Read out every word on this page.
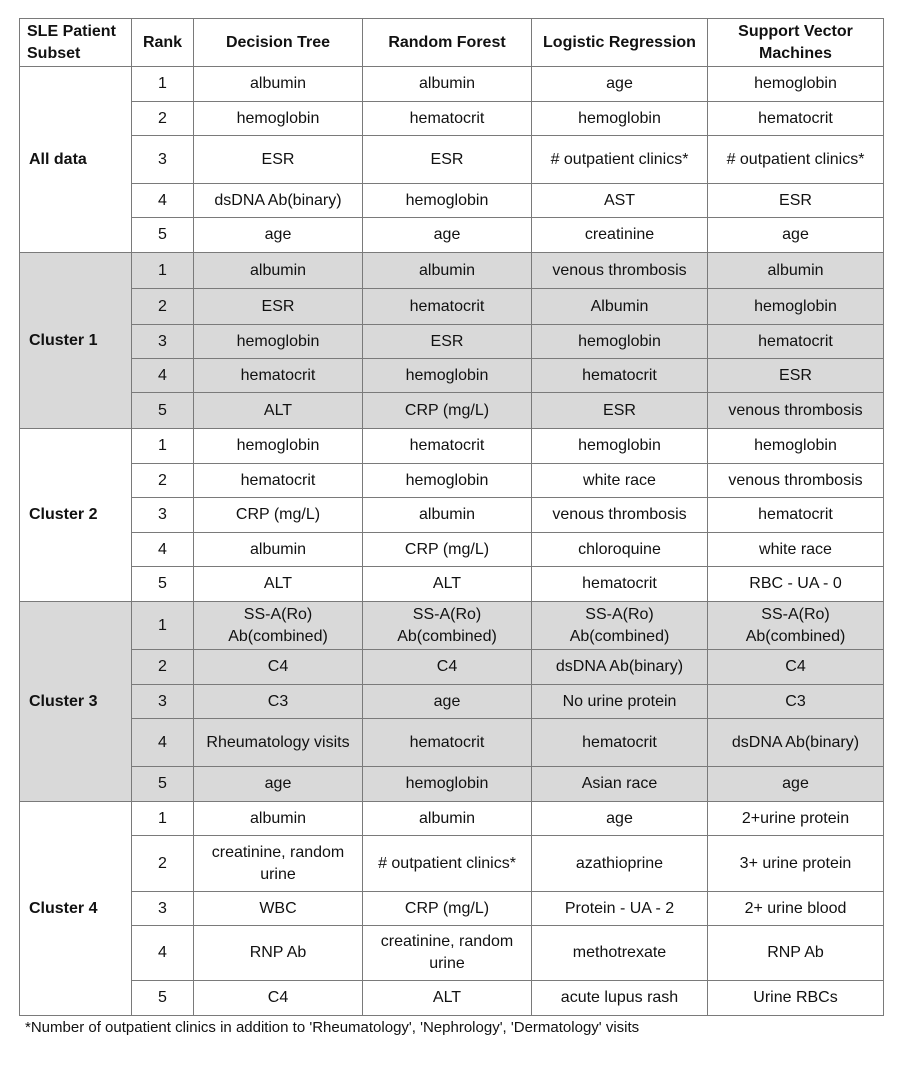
SLE Patient Subset	Rank	Decision Tree	Random Forest	Logistic Regression	Support Vector Machines
All data	1	albumin	albumin	age	hemoglobin
	2	hemoglobin	hematocrit	hemoglobin	hematocrit
	3	ESR	ESR	# outpatient clinics*	# outpatient clinics*
	4	dsDNA Ab(binary)	hemoglobin	AST	ESR
	5	age	age	creatinine	age
Cluster 1	1	albumin	albumin	venous thrombosis	albumin
	2	ESR	hematocrit	Albumin	hemoglobin
	3	hemoglobin	ESR	hemoglobin	hematocrit
	4	hematocrit	hemoglobin	hematocrit	ESR
	5	ALT	CRP (mg/L)	ESR	venous thrombosis
Cluster 2	1	hemoglobin	hematocrit	hemoglobin	hemoglobin
	2	hematocrit	hemoglobin	white race	venous thrombosis
	3	CRP (mg/L)	albumin	venous thrombosis	hematocrit
	4	albumin	CRP (mg/L)	chloroquine	white race
	5	ALT	ALT	hematocrit	RBC - UA - 0
Cluster 3	1	SS-A(Ro) Ab(combined)	SS-A(Ro) Ab(combined)	SS-A(Ro) Ab(combined)	SS-A(Ro) Ab(combined)
	2	C4	C4	dsDNA Ab(binary)	C4
	3	C3	age	No urine protein	C3
	4	Rheumatology visits	hematocrit	hematocrit	dsDNA Ab(binary)
	5	age	hemoglobin	Asian race	age
Cluster 4	1	albumin	albumin	age	2+urine protein
	2	creatinine, random urine	# outpatient clinics*	azathioprine	3+ urine protein
	3	WBC	CRP (mg/L)	Protein - UA - 2	2+ urine blood
	4	RNP Ab	creatinine, random urine	methotrexate	RNP Ab
	5	C4	ALT	acute lupus rash	Urine RBCs
*Number of outpatient clinics in addition to 'Rheumatology', 'Nephrology', 'Dermatology' visits
